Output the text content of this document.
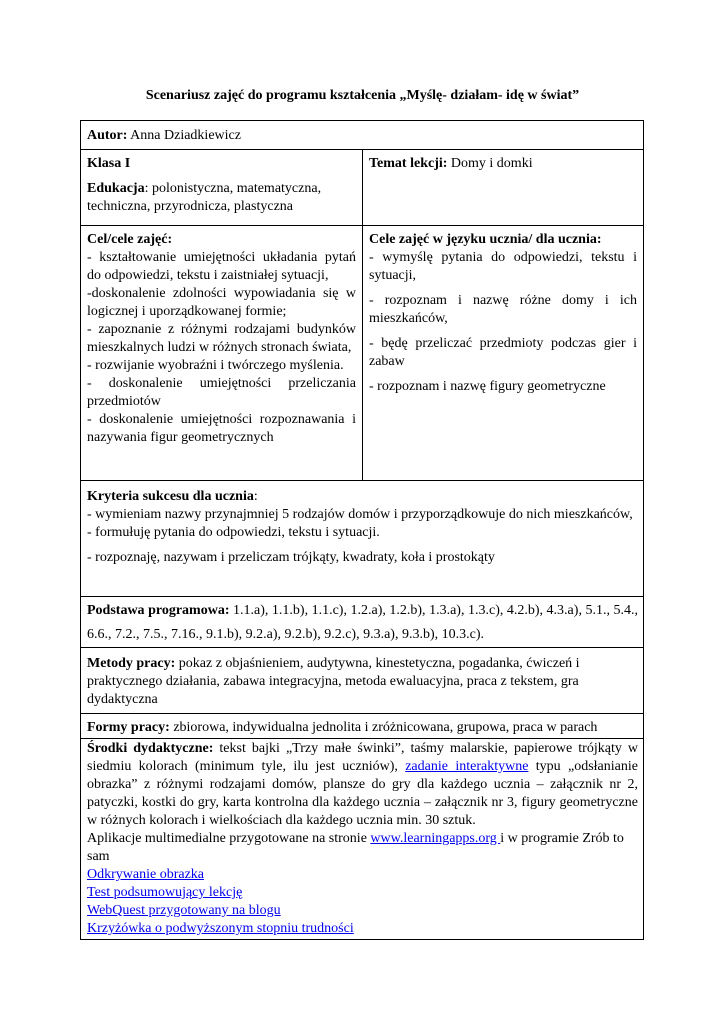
Scenariusz zajęć do programu kształcenia „Myślę- działam- idę w świat”
Autor: Anna Dziadkiewicz
Klasa I

Edukacja: polonistyczna, matematyczna, techniczna, przyrodnicza, plastyczna

Temat lekcji: Domy i domki
Cel/cele zajęć:

- kształtowanie umiejętności układania pytań do odpowiedzi, tekstu i zaistniałej sytuacji,

-doskonalenie zdolności wypowiadania się w logicznej i uporządkowanej formie;

- zapoznanie z różnymi rodzajami budynków mieszkalnych ludzi w różnych stronach świata,

- rozwijanie wyobraźni i twórczego myślenia.

- doskonalenie umiejętności przeliczania przedmiotów

- doskonalenie umiejętności rozpoznawania i nazywania figur geometrycznych

Cele zajęć w języku ucznia/ dla ucznia:

- wymyślę pytania do odpowiedzi, tekstu i sytuacji,

- rozpoznam i nazwę różne domy i ich mieszkańców,

- będę przeliczać przedmioty podczas gier i zabaw

- rozpoznam i nazwę figury geometryczne

Kryteria sukcesu dla ucznia:

- wymieniam nazwy przynajmniej 5 rodzajów domów i przyporządkowuje do nich mieszkańców,

- formułuję pytania do odpowiedzi, tekstu i sytuacji.

- rozpoznaję, nazywam i przeliczam trójkąty, kwadraty, koła i prostokąty

Podstawa programowa: 1.1.a), 1.1.b), 1.1.c), 1.2.a), 1.2.b), 1.3.a), 1.3.c), 4.2.b), 4.3.a), 5.1., 5.4., 6.6., 7.2., 7.5., 7.16., 9.1.b), 9.2.a), 9.2.b), 9.2.c), 9.3.a), 9.3.b), 10.3.c).
Metody pracy: pokaz z objaśnieniem, audytywna, kinestetyczna, pogadanka, ćwiczeń i praktycznego działania, zabawa integracyjna, metoda ewaluacyjna, praca z tekstem, gra dydaktyczna
Formy pracy: zbiorowa, indywidualna jednolita i zróżnicowana, grupowa, praca w parach

Środki dydaktyczne: tekst bajki „Trzy małe świnki”, taśmy malarskie, papierowe trójkąty w siedmiu kolorach (minimum tyle, ilu jest uczniów), zadanie interaktywne typu „odsłanianie obrazka” z różnymi rodzajami domów, plansze do gry dla każdego ucznia – załącznik nr 2, patyczki, kostki do gry, karta kontrolna dla każdego ucznia – załącznik nr 3, figury geometryczne w różnych kolorach i wielkościach dla każdego ucznia min. 30 sztuk.

Aplikacje multimedialne przygotowane na stronie www.learningapps.org i w programie Zrób to sam

Odkrywanie obrazka

Test podsumowujący lekcję

WebQuest przygotowany na blogu

Krzyżówka o podwyższonym stopniu trudności
